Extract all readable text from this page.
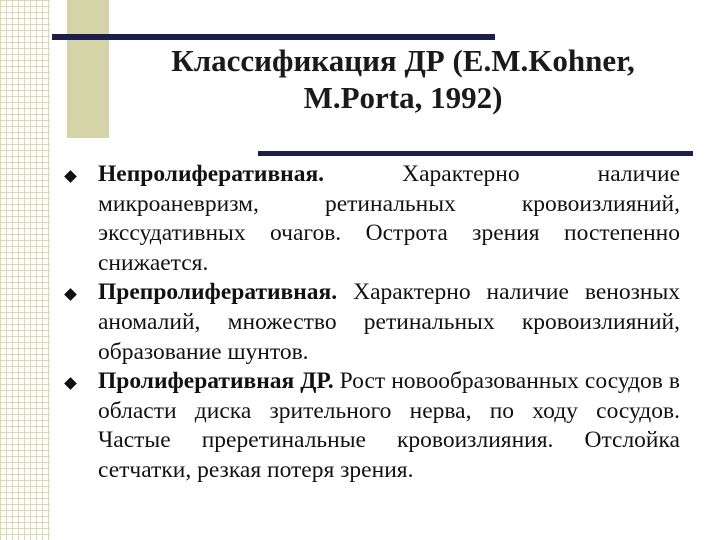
Классификация ДР (E.M.Kohner,
M.Porta, 1992)
Непролиферативная. Характерно наличие микроаневризм, ретинальных кровоизлияний, экссудативных очагов. Острота зрения постепенно снижается.
Препролиферативная. Характерно наличие венозных аномалий, множество ретинальных кровоизлияний, образование шунтов.
Пролиферативная ДР. Рост новообразованных сосудов в области диска зрительного нерва, по ходу сосудов. Частые преретинальные кровоизлияния. Отслойка сетчатки, резкая потеря зрения.
